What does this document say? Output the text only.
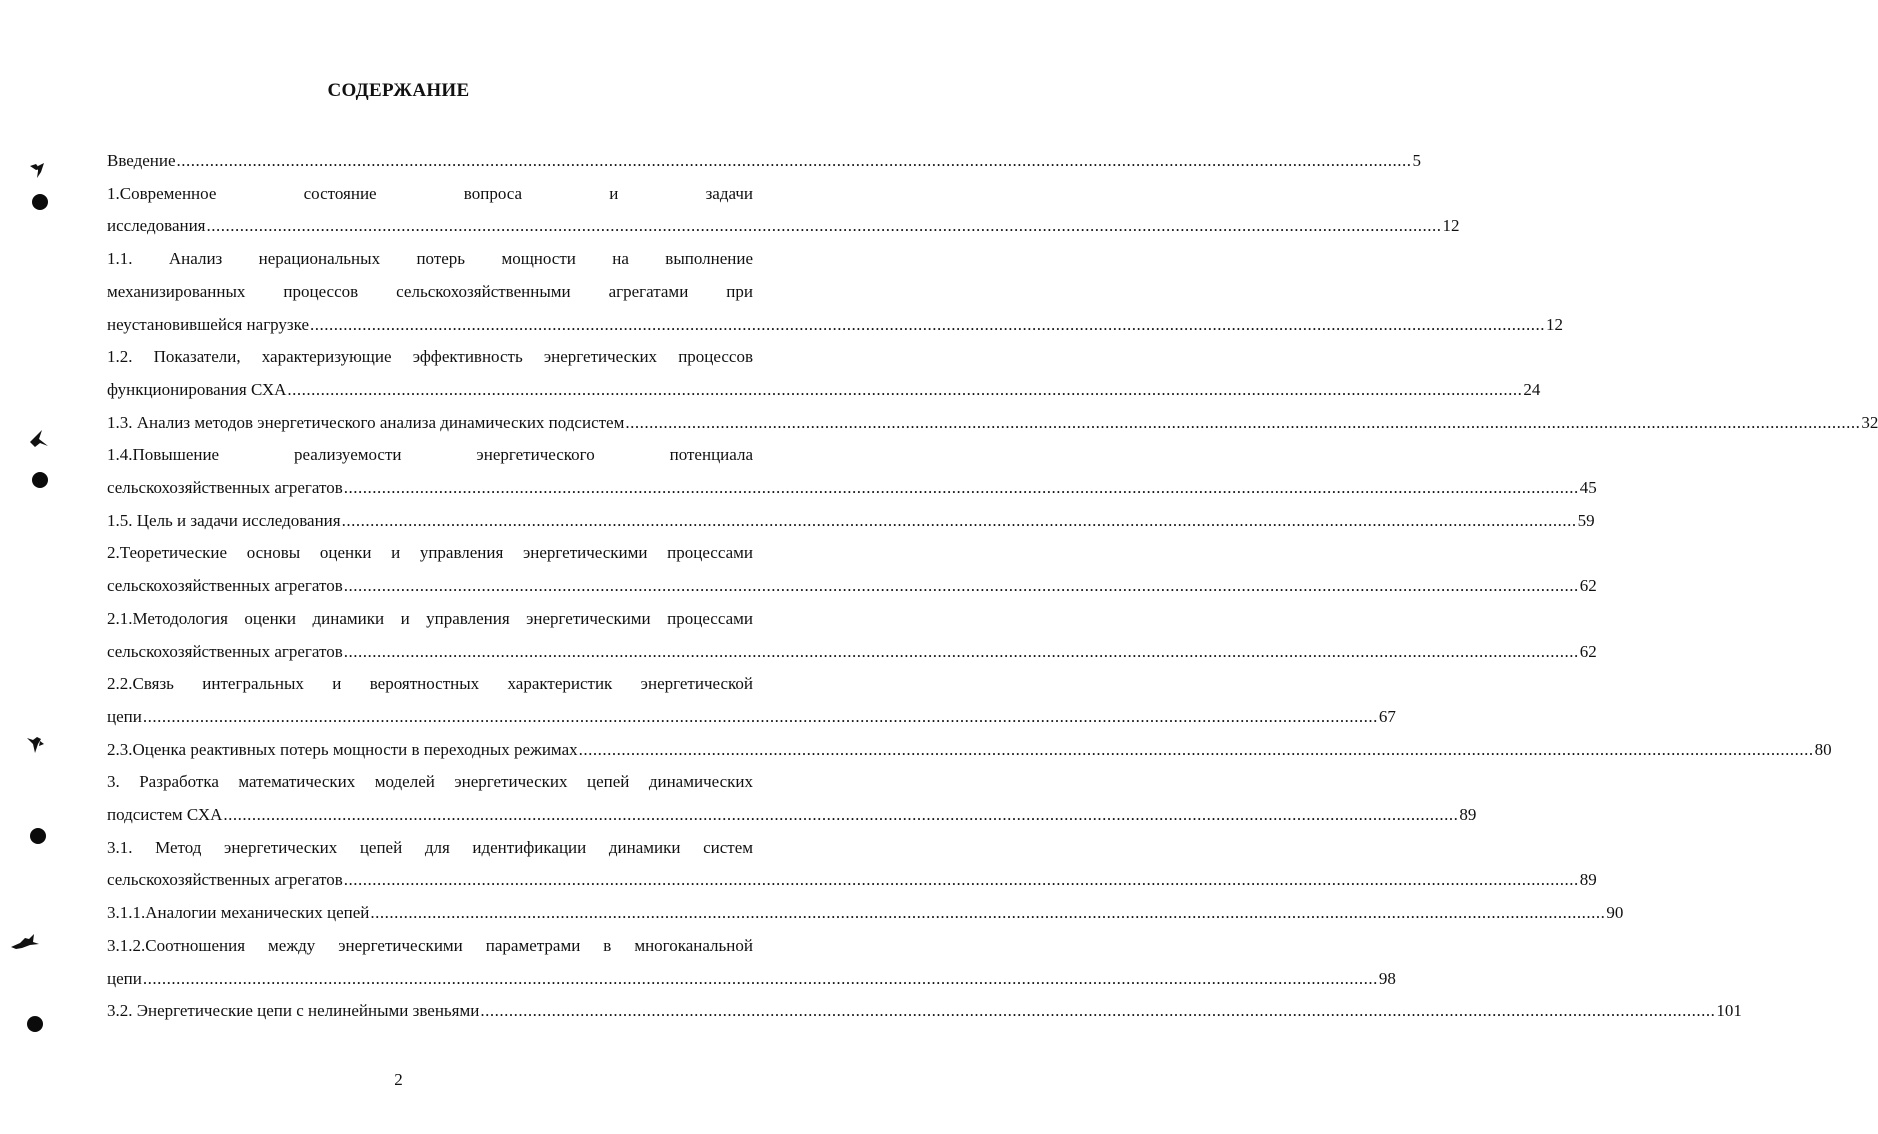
СОДЕРЖАНИЕ
Введение .................................................................................................................................................................................................................................................................... 5
1.Современное состояние вопроса и задачи
исследования .................................................................................................................................................................................................................................................................... 12
1.1. Анализ нерациональных потерь мощности на выполнение
механизированных процессов сельскохозяйственными агрегатами при
неустановившейся нагрузке .................................................................................................................................................................................................................................................................... 12
1.2. Показатели, характеризующие эффективность энергетических процессов
функционирования СХА .................................................................................................................................................................................................................................................................... 24
1.3. Анализ методов энергетического анализа динамических подсистем .................................................................................................................................................................................................................................................................... 32
1.4.Повышение реализуемости энергетического потенциала
сельскохозяйственных агрегатов .................................................................................................................................................................................................................................................................... 45
1.5. Цель и задачи исследования .................................................................................................................................................................................................................................................................... 59
2.Теоретические основы оценки и управления энергетическими процессами
сельскохозяйственных агрегатов .................................................................................................................................................................................................................................................................... 62
2.1.Методология оценки динамики и управления энергетическими процессами
сельскохозяйственных агрегатов .................................................................................................................................................................................................................................................................... 62
2.2.Связь интегральных и вероятностных характеристик энергетической
цепи .................................................................................................................................................................................................................................................................... 67
2.3.Оценка реактивных потерь мощности в переходных режимах .................................................................................................................................................................................................................................................................... 80
3. Разработка математических моделей энергетических цепей динамических
подсистем СХА .................................................................................................................................................................................................................................................................... 89
3.1. Метод энергетических цепей для идентификации динамики систем
сельскохозяйственных агрегатов .................................................................................................................................................................................................................................................................... 89
3.1.1.Аналогии механических цепей .................................................................................................................................................................................................................................................................... 90
3.1.2.Соотношения между энергетическими параметрами в многоканальной
цепи .................................................................................................................................................................................................................................................................... 98
3.2. Энергетические цепи с нелинейными звеньями .................................................................................................................................................................................................................................................................... 101
2
